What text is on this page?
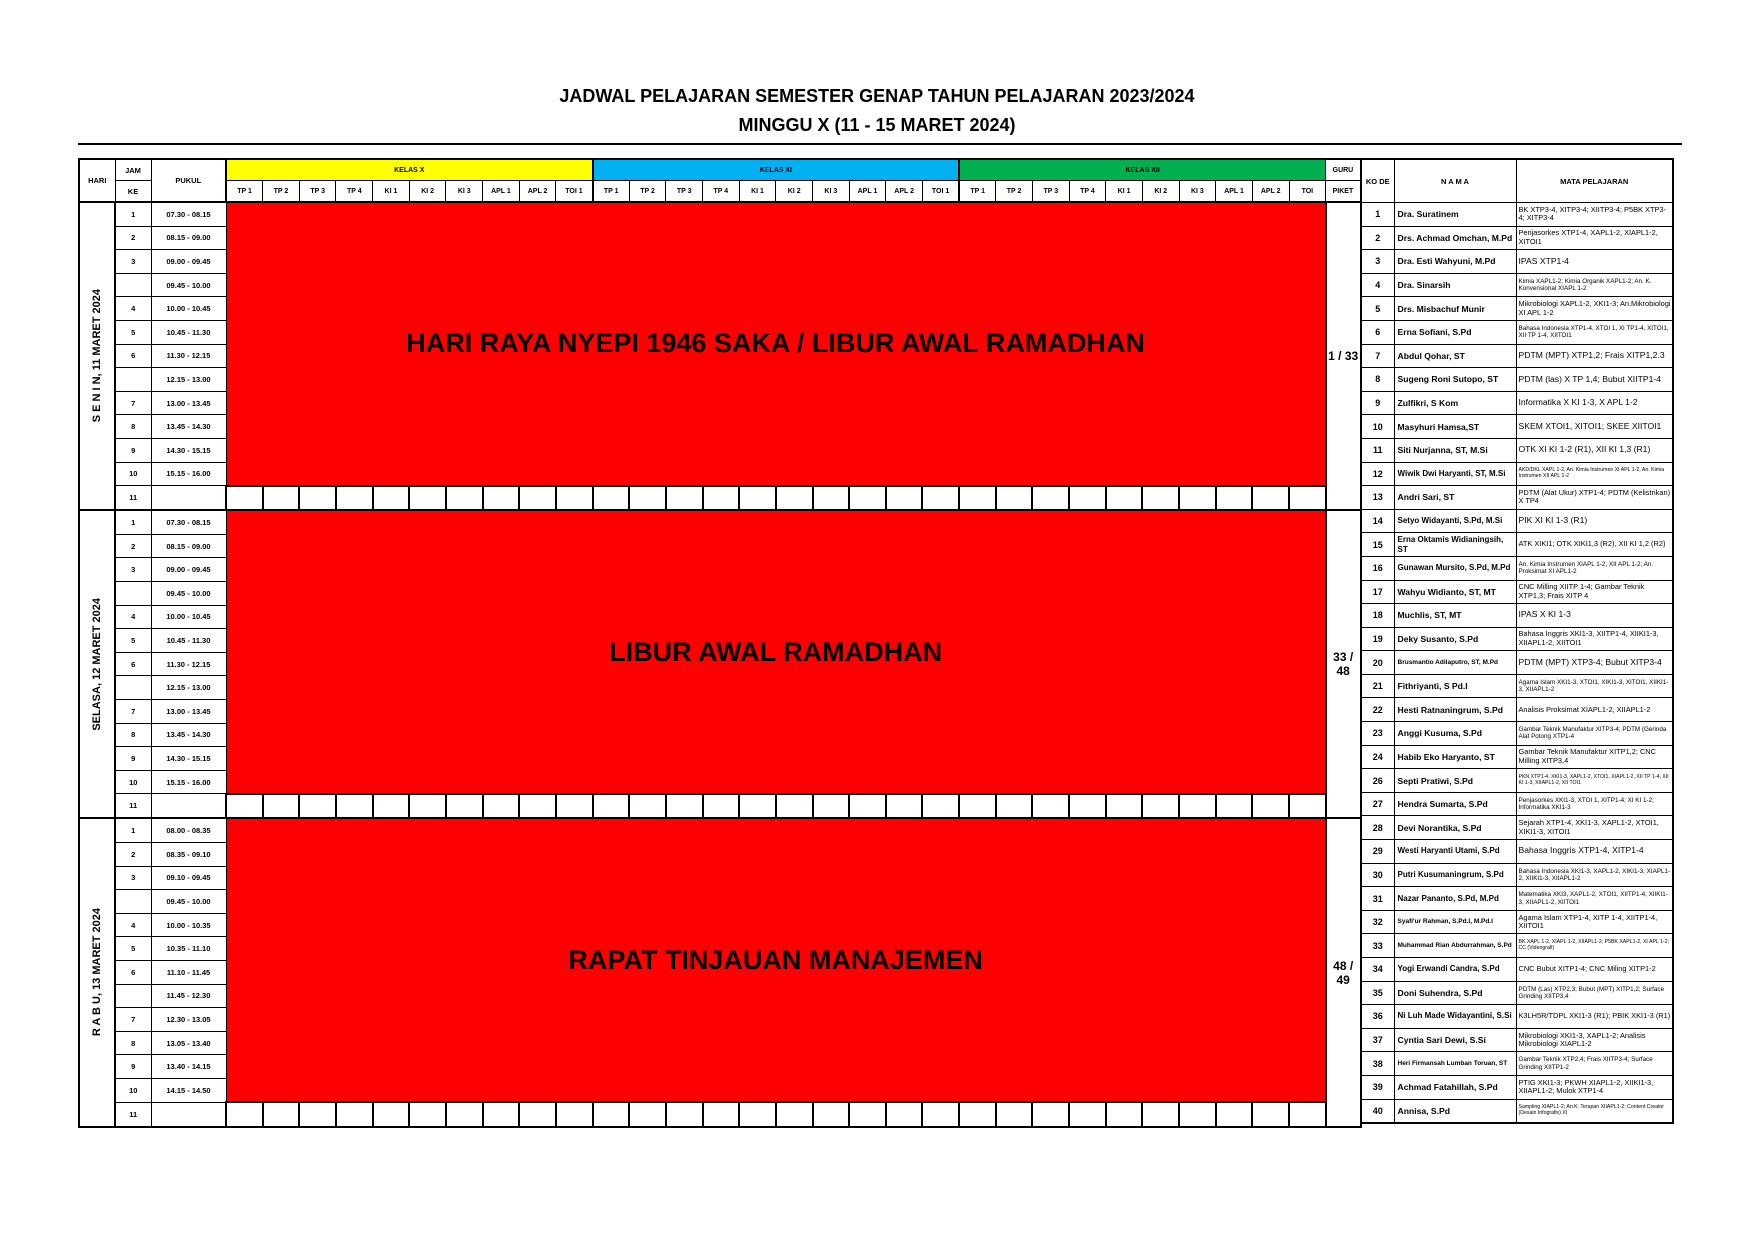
JADWAL PELAJARAN SEMESTER GENAP TAHUN PELAJARAN 2023/2024
MINGGU X (11 - 15 MARET 2024)
HARI	JAM	PUKUL	KELAS X										KELAS XI										KELAS XII										GURU
	KE		TP 1	TP 2	TP 3	TP 4	KI 1	KI 2	KI 3	APL 1	APL 2	TOI 1	TP 1	TP 2	TP 3	TP 4	KI 1	KI 2	KI 3	APL 1	APL 2	TOI 1	TP 1	TP 2	TP 3	TP 4	KI 1	KI 2	KI 3	APL 1	APL 2	TOI	PIKET

S E N I N, 11 MARET 2024	1	07.30 - 08.15	HARI RAYA NYEPI 1946 SAKA / LIBUR AWAL RAMADHAN																														1 / 33
	2	08.15 - 09.00																															
	3	09.00 - 09.45																															
		09.45 - 10.00																															
	4	10.00 - 10.45																															
	5	10.45 - 11.30																															
	6	11.30 - 12.15																															
		12.15 - 13.00																															
	7	13.00 - 13.45																															
	8	13.45 - 14.30																															
	9	14.30 - 15.15																															
	10	15.15 - 16.00																															
	11																																

SELASA, 12 MARET 2024	1	07.30 - 08.15	LIBUR AWAL RAMADHAN																														33 / 48
	2	08.15 - 09.00																															
	3	09.00 - 09.45																															
		09.45 - 10.00																															
	4	10.00 - 10.45																															
	5	10.45 - 11.30																															
	6	11.30 - 12.15																															
		12.15 - 13.00																															
	7	13.00 - 13.45																															
	8	13.45 - 14.30																															
	9	14.30 - 15.15																															
	10	15.15 - 16.00																															
	11																																

R A B U, 13 MARET 2024	1	08.00 - 08.35	RAPAT TINJAUAN MANAJEMEN																														48 / 49
	2	08.35 - 09.10																															
	3	09.10 - 09.45																															
		09.45 - 10.00																															
	4	10.00 - 10.35																															
	5	10.35 - 11.10																															
	6	11.10 - 11.45																															
		11.45 - 12.30																															
	7	12.30 - 13.05																															
	8	13.05 - 13.40																															
	9	13.40 - 14.15																															
	10	14.15 - 14.50																															
	11																																
KO DE	N A M A	MATA PELAJARAN
1	Dra. Suratinem	BK XTP3-4, XITP3-4; XIITP3-4; P5BK XTP3-4; XITP3-4
2	Drs. Achmad Omchan, M.Pd	Penjasorkes XTP1-4, XAPL1-2, XIAPL1-2, XITOI1
3	Dra. Esti Wahyuni, M.Pd	IPAS XTP1-4
4	Dra. Sinarsih	Kimia XAPL1-2; Kimia Organik XAPL1-2; An. K. Konvensional XIAPL 1-2
5	Drs. Misbachuf Munir	Mikrobiologi XAPL1-2, XKI1-3; An.Mikrobiologi XI APL 1-2
6	Erna Sofiani, S.Pd	Bahasa Indonesia XTP1-4, XTOI 1, XI TP1-4, XITOI1, XII TP 1-4, XIITOI1
7	Abdul Qohar, ST	PDTM (MPT) XTP1,2; Frais XITP1,2.3
8	Sugeng Roni Sutopo, ST	PDTM (las) X TP 1,4; Bubut XIITP1-4
9	Zulfikri, S Kom	Informatika X KI 1-3, X APL 1-2
10	Masyhuri Hamsa,ST	SKEM XTOI1, XITOI1; SKEE XIITOI1
11	Siti Nurjanna, ST, M.Si	OTK XI KI 1-2 (R1), XII KI 1,3 (R1)
12	Wiwik Dwi Haryanti, ST, M.Si	AKD/DKL XAPL 1-2, An. Kimia Instrumen XI APL 1-2, An. Kimia Instrumen XII APL 1-2
13	Andri Sari, ST	PDTM (Alat Ukur) XTP1-4; PDTM (Kelistrikan) X TP4
14	Setyo Widayanti, S.Pd, M.Si	PIK XI KI 1-3 (R1)
15	Erna Oktamis Widianingsih, ST	ATK XIKI1; OTK XIKI1,3 (R2), XII KI 1,2 (R2)
16	Gunawan Mursito, S.Pd, M.Pd	An. Kimia Instrumen XIAPL 1-2, XII APL 1-2; An. Proksimat XI APL1-2
17	Wahyu Widianto, ST, MT	CNC Milling XIITP 1-4; Gambar Teknik XTP1,3; Frais XITP 4
18	Muchlis, ST, MT	IPAS X KI 1-3
19	Deky Susanto, S.Pd	Bahasa Inggris XKI1-3, XIITP1-4, XIIKI1-3, XIIAPL1-2, XIITOI1
20	Brusmantio Adilaputro, ST, M.Pd	PDTM (MPT) XTP3-4; Bubut XITP3-4
21	Fithriyanti, S Pd.I	Agama Islam XKI1-3, XTOI1, XIKI1-3, XITOI1, XIIKI1-3, XIIAPL1-2
22	Hesti Ratnaningrum, S.Pd	Analisis Proksimat XIAPL1-2, XIIAPL1-2
23	Anggi Kusuma, S.Pd	Gambar Teknik Manufaktur XITP3-4; PDTM (Gerinda Alat Potong XTP1-4
24	Habib Eko Haryanto, ST	Gambar Teknik Manufaktur XITP1,2; CNC Milling XITP3,4
26	Septi Pratiwi, S.Pd	PKN XTP1-4, XKI1-3, XAPL1-2, XTOI1, XIAPL1-2, XII TP 1-4, XII KI 1-3, XIIAPL1-2, XII TOI1
27	Hendra Sumarta, S.Pd	Penjasorkes XKI1-3, XTOI 1, XITP1-4; XI KI 1-2; Informatika XKI1-3
28	Devi Norantika, S.Pd	Sejarah XTP1-4, XKI1-3, XAPL1-2, XTOI1, XIKI1-3, XITOI1
29	Westi Haryanti Utami, S.Pd	Bahasa Inggris XTP1-4, XITP1-4
30	Putri Kusumaningrum, S.Pd	Bahasa Indonesia XKI1-3, XAPL1-2, XIKI1-3, XIAPL1-2, XIIKI1-3, XIIAPL1-2
31	Nazar Pananto, S.Pd, M.Pd	Matematika XKI3, XAPL1-2, XTOI1, XIITP1-4, XIIKI1-3, XIIAPL1-2, XIITOI1
32	Syafi'ur Rahman, S.Pd.I, M.Pd.I	Agama Islam XTP1-4, XITP 1-4, XIITP1-4, XIITOI1
33	Muhammad Rian Abdurrahman, S.Pd	BK XAPL 1-2, XIAPL 1-2, XIIAPL1-2; P5BK XAPL1-2, XI APL 1-2; CC (Videografi)
34	Yogi Erwandi Candra, S.Pd	CNC Bubut XITP1-4; CNC Miling XITP1-2
35	Doni Suhendra, S.Pd	PDTM (Las) XTP2,3; Bubut (MPT) XITP1,2; Surface Grinding XIITP3,4
36	Ni Luh Made Widayantini, S.Si	K3LH5R/TDPL XKI1-3 (R1); PBIK XKI1-3 (R1)
37	Cyntia Sari Dewi, S.Si	Mikrobiologi XKI1-3, XAPL1-2; Analisis Mikrobiologi XIAPL1-2
38	Heri Firmansah Lumban Toruan, ST	Gambar Teknik XTP2,4; Frais XIITP3-4; Surface Grinding XIITP1-2
39	Achmad Fatahillah, S.Pd	PTIG XKI1-3; PKWH XIAPL1-2, XIIKI1-3, XIIAPL1-2; Mulok XTP1-4
40	Annisa, S.Pd	Sampling XIAPL1-2; An.K. Terapan XIIAPL1-2; Content Creator (Desain Infografis) XI
